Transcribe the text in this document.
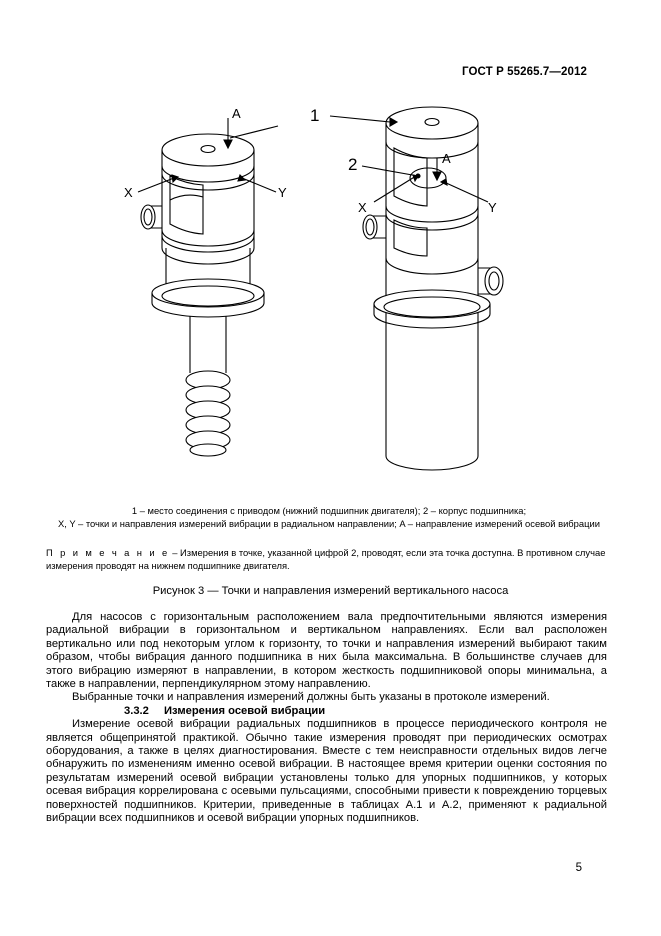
ГОСТ Р 55265.7—2012
1
2
A
A
X	Y
X	Y
1 – место соединения с приводом (нижний подшипник двигателя); 2 – корпус подшипника;
X, Y – точки и направления измерений вибрации в радиальном направлении; A – направление измерений осевой вибрации
П р и м е ч а н и е – Измерения в точке, указанной цифрой 2, проводят, если эта точка доступна. В противном случае измерения проводят на нижнем подшипнике двигателя.
Рисунок 3 — Точки и направления измерений вертикального насоса

Для насосов с горизонтальным расположением вала предпочтительными являются измерения радиальной вибрации в горизонтальном и вертикальном направлениях. Если вал расположен вертикально или под некоторым углом к горизонту, то точки и направления измерений выбирают таким образом, чтобы вибрация данного подшипника в них была максимальна. В большинстве случаев для этого вибрацию измеряют в направлении, в котором жесткость подшипниковой опоры минимальна, а также в направлении, перпендикулярном этому направлению.

Выбранные точки и направления измерений должны быть указаны в протоколе измерений.

3.3.2 Измерения осевой вибрации

Измерение осевой вибрации радиальных подшипников в процессе периодического контроля не является общепринятой практикой. Обычно такие измерения проводят при периодических осмотрах оборудования, а также в целях диагностирования. Вместе с тем неисправности отдельных видов легче обнаружить по изменениям именно осевой вибрации. В настоящее время критерии оценки состояния по результатам измерений осевой вибрации установлены только для упорных подшипников, у которых осевая вибрация коррелирована с осевыми пульсациями, способными привести к повреждению торцевых поверхностей подшипников. Критерии, приведенные в таблицах А.1 и А.2, применяют к радиальной вибрации всех подшипников и осевой вибрации упорных подшипников.

5
